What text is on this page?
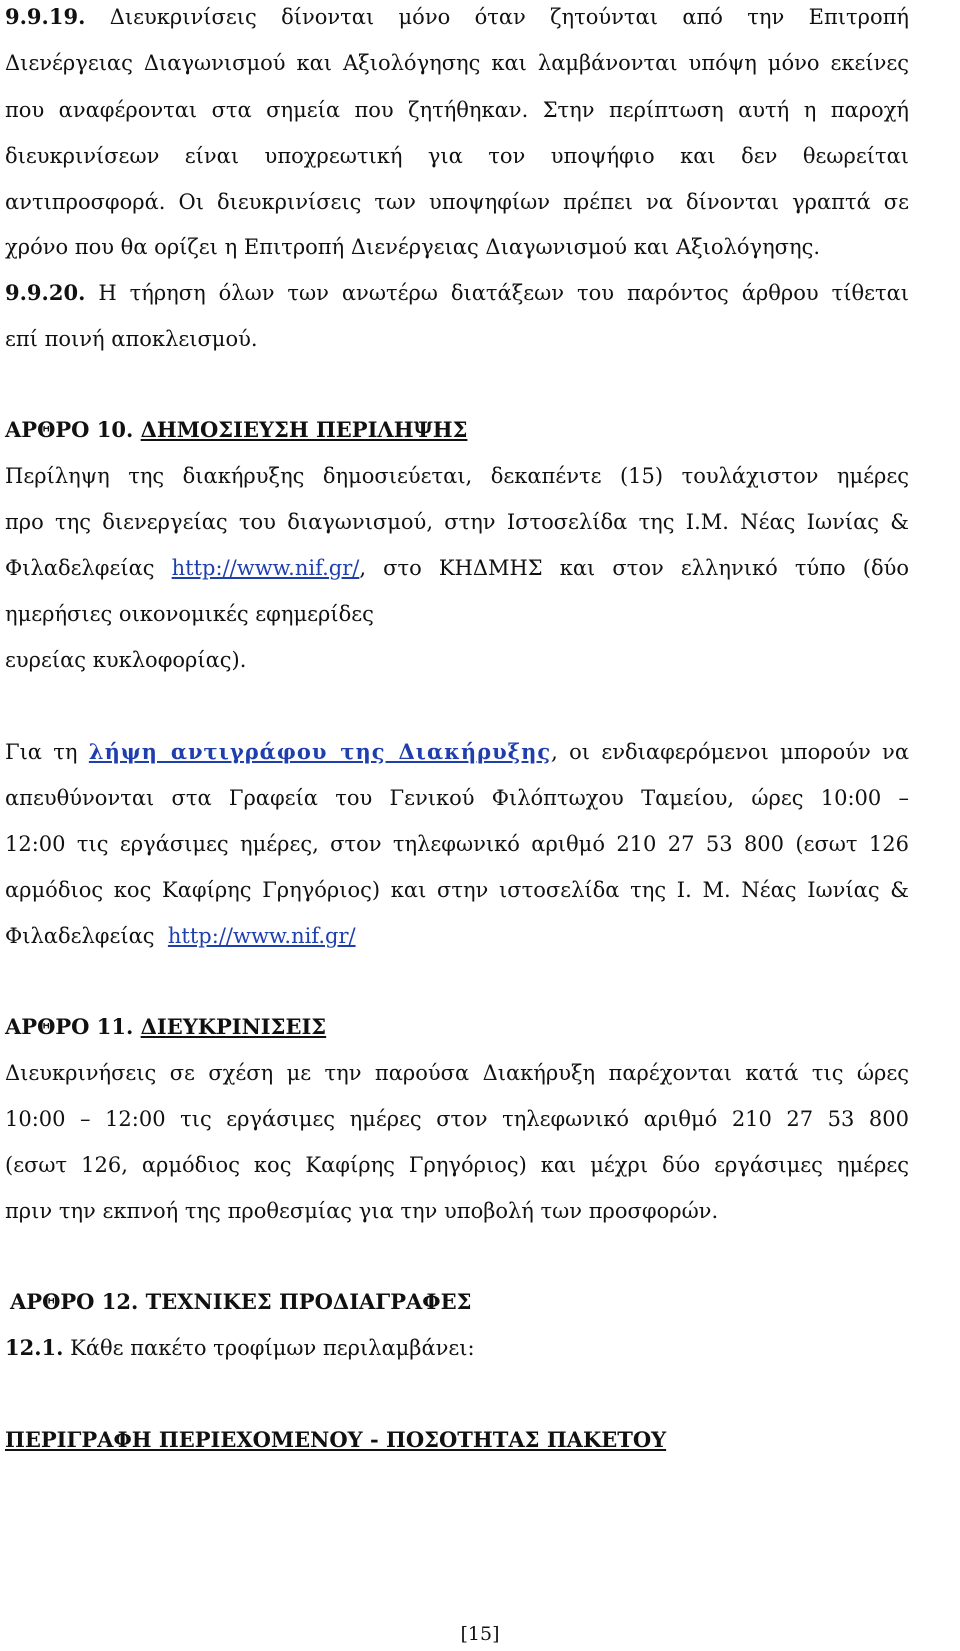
9.9.19. Διευκρινίσεις δίνονται μόνο όταν ζητούνται από την Επιτροπή
Διενέργειας Διαγωνισμού και Αξιολόγησης και λαμβάνονται υπόψη μόνο εκείνες
που αναφέρονται στα σημεία που ζητήθηκαν. Στην περίπτωση αυτή η παροχή
διευκρινίσεων είναι υποχρεωτική για τον υποψήφιο και δεν θεωρείται
αντιπροσφορά. Οι διευκρινίσεις των υποψηφίων πρέπει να δίνονται γραπτά σε
χρόνο που θα ορίζει η Επιτροπή Διενέργειας Διαγωνισμού και Αξιολόγησης.
9.9.20. Η τήρηση όλων των ανωτέρω διατάξεων του παρόντος άρθρου τίθεται
επί ποινή αποκλεισμού.
ΑΡΘΡΟ 10. ΔΗΜΟΣΙΕΥΣΗ ΠΕΡΙΛΗΨΗΣ
Περίληψη της διακήρυξης δημοσιεύεται, δεκαπέντε (15) τουλάχιστον ημέρες
προ της διενεργείας του διαγωνισμού, στην Ιστοσελίδα της Ι.Μ. Νέας Ιωνίας &
Φιλαδελφείας http://www.nif.gr/, στο ΚΗΔΜΗΣ και στον ελληνικό τύπο (δύο
ημερήσιες οικονομικές εφημερίδες
ευρείας κυκλοφορίας).
Για τη λήψη αντιγράφου της Διακήρυξης, οι ενδιαφερόμενοι μπορούν να
απευθύνονται στα Γραφεία του Γενικού Φιλόπτωχου Ταμείου, ώρες 10:00 –
12:00 τις εργάσιμες ημέρες, στον τηλεφωνικό αριθμό 210 27 53 800 (εσωτ 126
αρμόδιος κος Καφίρης Γρηγόριος) και στην ιστοσελίδα της Ι. Μ. Νέας Ιωνίας &
Φιλαδελφείας http://www.nif.gr/
ΑΡΘΡΟ 11. ΔΙΕΥΚΡΙΝΙΣΕΙΣ
Διευκρινήσεις σε σχέση με την παρούσα Διακήρυξη παρέχονται κατά τις ώρες
10:00 – 12:00 τις εργάσιμες ημέρες στον τηλεφωνικό αριθμό 210 27 53 800
(εσωτ 126, αρμόδιος κος Καφίρης Γρηγόριος) και μέχρι δύο εργάσιμες ημέρες
πριν την εκπνοή της προθεσμίας για την υποβολή των προσφορών.
ΑΡΘΡΟ 12. ΤΕΧΝΙΚΕΣ ΠΡΟΔΙΑΓΡΑΦΕΣ
12.1. Κάθε πακέτο τροφίμων περιλαμβάνει:
ΠΕΡΙΓΡΑΦΗ ΠΕΡΙΕΧΟΜΕΝΟΥ - ΠΟΣΟΤΗΤΑΣ ΠΑΚΕΤΟΥ
[15]
